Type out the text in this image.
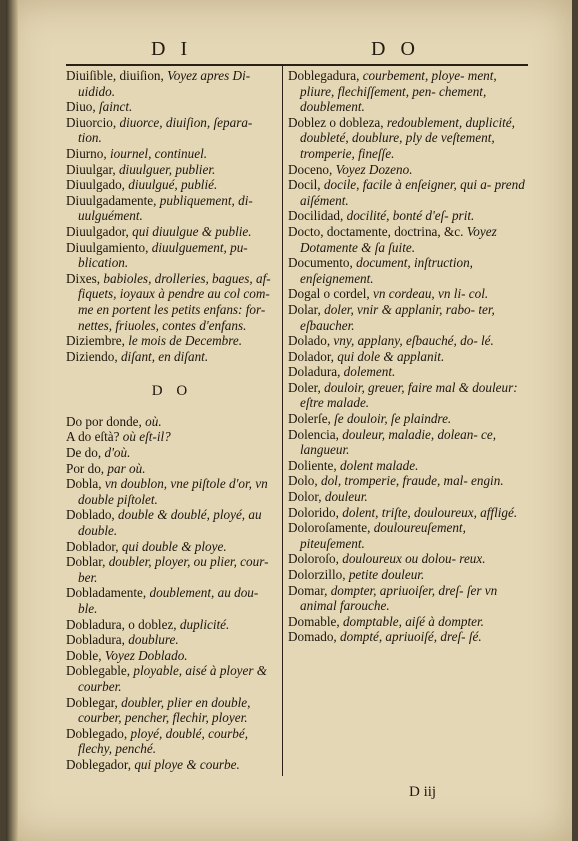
D I	D O

Diuiſible, diuiſion, Voyez apres Di- uidido.

Diuo, ſainct.

Diuorcio, diuorce, diuiſion, ſepara- tion.

Diurno, iournel, continuel.

Diuulgar, diuulguer, publier.

Diuulgado, diuulgué, publié.

Diuulgadamente, publiquement, di- uulguément.

Diuulgador, qui diuulgue & publie.

Diuulgamiento, diuulguement, pu- blication.

Dixes, babioles, drolleries, bagues, af- fiquets, ioyaux à pendre au col com- me en portent les petits enfans: for- nettes, friuoles, contes d'enfans.

Diziembre, le mois de Decembre.

Diziendo, diſant, en diſant.

D O

Do por donde, où.

A do eſtà? où eſt-il?

De do, d'où.

Por do, par où.

Dobla, vn doublon, vne piſtole d'or, vn double piſtolet.

Doblado, double & doublé, ployé, au double.

Doblador, qui double & ploye.

Doblar, doubler, ployer, ou plier, cour- ber.

Dobladamente, doublement, au dou- ble.

Dobladura, o doblez, duplicité.

Dobladura, doublure.

Doble, Voyez Doblado.

Doblegable, ployable, aisé à ployer & courber.

Doblegar, doubler, plier en double, courber, pencher, flechir, ployer.

Doblegado, ployé, doublé, courbé, flechy, penché.

Doblegador, qui ploye & courbe.

Doblegadura, courbement, ploye- ment, pliure, flechiſſement, pen- chement, doublement.

Doblez o dobleza, redoublement, duplicité, doubleté, doublure, ply de veſtement, tromperie, fineſſe.

Doceno, Voyez Dozeno.

Docil, docile, facile à enſeigner, qui a- prend aiſément.

Docilidad, docilité, bonté d'eſ- prit.

Docto, doctamente, doctrina, &c. Voyez Dotamente & ſa ſuite.

Documento, document, inſtruction, enſeignement.

Dogal o cordel, vn cordeau, vn li- col.

Dolar, doler, vnir & applanir, rabo- ter, eſbaucher.

Dolado, vny, applany, eſbauché, do- lé.

Dolador, qui dole & applanit.

Doladura, dolement.

Doler, douloir, greuer, faire mal & douleur: eſtre malade.

Dolerſe, ſe douloir, ſe plaindre.

Dolencia, douleur, maladie, dolean- ce, langueur.

Doliente, dolent malade.

Dolo, dol, tromperie, fraude, mal- engin.

Dolor, douleur.

Dolorido, dolent, triſte, douloureux, affligé.

Doloroſamente, douloureuſement, piteuſement.

Doloroſo, douloureux ou dolou- reux.

Dolorzillo, petite douleur.

Domar, dompter, apriuoiſer, dreſ- ſer vn animal farouche.

Domable, domptable, aiſé à dompter.

Domado, dompté, apriuoiſé, dreſ- ſé.

D iij
